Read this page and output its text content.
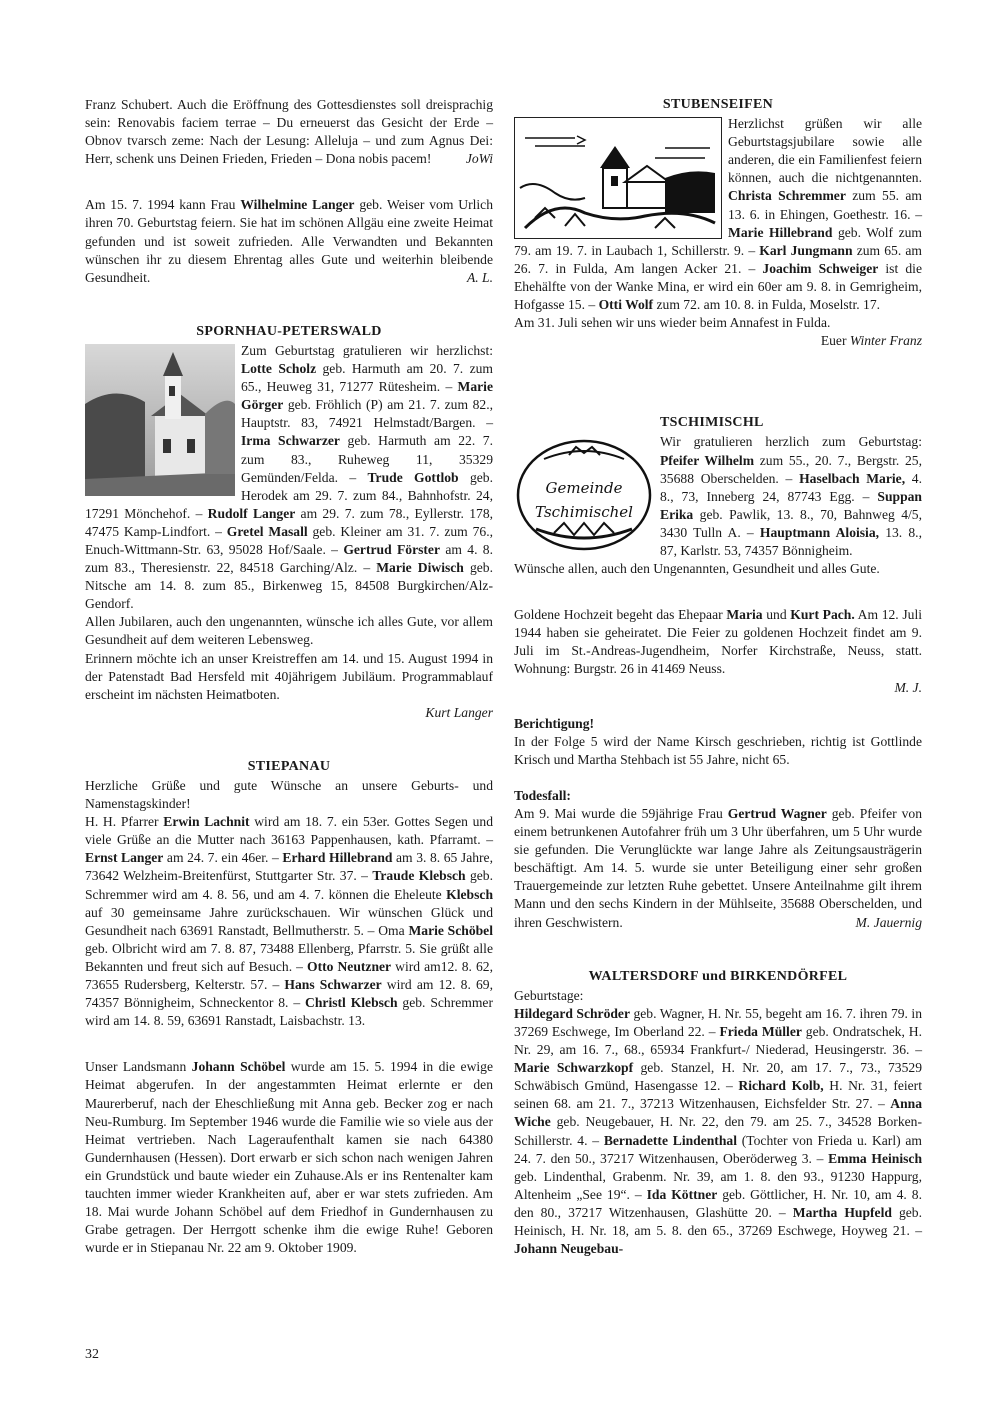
Franz Schubert. Auch die Eröffnung des Gottesdienstes soll dreisprachig sein: Renovabis faciem terrae – Du erneuerst das Gesicht der Erde – Obnov tvarsch zeme: Nach der Lesung: Alleluja – und zum Agnus Dei: Herr, schenk uns Deinen Frieden, Frieden – Dona nobis pacem!	JoWi

Am 15. 7. 1994 kann Frau Wilhelmine Langer geb. Weiser vom Urlich ihren 70. Geburtstag feiern. Sie hat im schönen Allgäu eine zweite Heimat gefunden und ist soweit zufrieden. Alle Verwandten und Bekannten wünschen ihr zu diesem Ehrentag alles Gute und weiterhin bleibende Gesundheit.	A. L.

SPORNHAU-PETERSWALD

Zum Geburtstag gratulieren wir herzlichst: Lotte Scholz geb. Harmuth am 20. 7. zum 65., Heuweg 31, 71277 Rütesheim. – Marie Görger geb. Fröhlich (P) am 21. 7. zum 82., Hauptstr. 83, 74921 Helmstadt/Bargen. – Irma Schwarzer geb. Harmuth am 22. 7. zum 83., Ruheweg 11, 35329 Gemünden/Felda. – Trude Gottlob geb. Herodek am 29. 7. zum 84., Bahnhofstr. 24, 17291 Mönchehof. – Rudolf Langer am 29. 7. zum 78., Eyllerstr. 178, 47475 Kamp-Lindfort. – Gretel Masall geb. Kleiner am 31. 7. zum 76., Enuch-Wittmann-Str. 63, 95028 Hof/Saale. – Gertrud Förster am 4. 8. zum 83., Theresienstr. 22, 84518 Garching/Alz. – Marie Diwisch geb. Nitsche am 14. 8. zum 85., Birkenweg 15, 84508 Burgkirchen/Alz-Gendorf.

Allen Jubilaren, auch den ungenannten, wünsche ich alles Gute, vor allem Gesundheit auf dem weiteren Lebensweg.

Erinnern möchte ich an unser Kreistreffen am 14. und 15. August 1994 in der Patenstadt Bad Hersfeld mit 40jährigem Jubiläum. Programmablauf erscheint im nächsten Heimatboten.

Kurt Langer

STIEPANAU

Herzliche Grüße und gute Wünsche an unsere Geburts- und Namenstagskinder!

H. H. Pfarrer Erwin Lachnit wird am 18. 7. ein 53er. Gottes Segen und viele Grüße an die Mutter nach 36163 Pappenhausen, kath. Pfarramt. – Ernst Langer am 24. 7. ein 46er. – Erhard Hillebrand am 3. 8. 65 Jahre, 73642 Welzheim-Breitenfürst, Stuttgarter Str. 37. – Traude Klebsch geb. Schremmer wird am 4. 8. 56, und am 4. 7. können die Eheleute Klebsch auf 30 gemeinsame Jahre zurückschauen. Wir wünschen Glück und Gesundheit nach 63691 Ranstadt, Bellmutherstr. 5. – Oma Marie Schöbel geb. Olbricht wird am 7. 8. 87, 73488 Ellenberg, Pfarrstr. 5. Sie grüßt alle Bekannten und freut sich auf Besuch. – Otto Neutzner wird am12. 8. 62, 73655 Rudersberg, Kelterstr. 57. – Hans Schwarzer wird am 12. 8. 69, 74357 Bönnigheim, Schneckentor 8. – Christl Klebsch geb. Schremmer wird am 14. 8. 59, 63691 Ranstadt, Laisbachstr. 13.

Unser Landsmann Johann Schöbel wurde am 15. 5. 1994 in die ewige Heimat abgerufen. In der angestammten Heimat erlernte er den Maurerberuf, nach der Eheschließung mit Anna geb. Becker zog er nach Neu-Rumburg. Im September 1946 wurde die Familie wie so viele aus der Heimat vertrieben. Nach Lageraufenthalt kamen sie nach 64380 Gundernhausen (Hessen). Dort erwarb er sich schon nach wenigen Jahren ein Grundstück und baute wieder ein Zuhause.Als er ins Rentenalter kam tauchten immer wieder Krankheiten auf, aber er war stets zufrieden. Am 18. Mai wurde Johann Schöbel auf dem Friedhof in Gundernhausen zu Grabe getragen. Der Herrgott schenke ihm die ewige Ruhe! Geboren wurde er in Stiepanau Nr. 22 am 9. Oktober 1909.

STUBENSEIFEN

Herzlichst grüßen wir alle Geburtstagsjubilare sowie alle anderen, die ein Familienfest feiern können, auch die nichtgenannten. Christa Schremmer zum 55. am 13. 6. in Ehingen, Goethestr. 16. – Marie Hillebrand geb. Wolf zum 79. am 19. 7. in Laubach 1, Schillerstr. 9. – Karl Jungmann zum 65. am 26. 7. in Fulda, Am langen Acker 21. – Joachim Schweiger ist die Ehehälfte von der Wanke Mina, er wird ein 60er am 9. 8. in Gemrigheim, Hofgasse 15. – Otti Wolf zum 72. am 10. 8. in Fulda, Moselstr. 17.

Am 31. Juli sehen wir uns wieder beim Annafest in Fulda.

Euer Winter Franz

TSCHIMISCHL

Gemeinde
Tschimischel
Wir gratulieren herzlich zum Geburtstag: Pfeifer Wilhelm zum 55., 20. 7., Bergstr. 25, 35688 Oberschelden. – Haselbach Marie, 4. 8., 73, Inneberg 24, 87743 Egg. – Suppan Erika geb. Pawlik, 13. 8., 70, Bahnweg 4/5, 3430 Tulln A. – Hauptmann Aloisia, 13. 8., 87, Karlstr. 53, 74357 Bönnigheim.

Wünsche allen, auch den Ungenannten, Gesundheit und alles Gute.

Goldene Hochzeit begeht das Ehepaar Maria und Kurt Pach. Am 12. Juli 1944 haben sie geheiratet. Die Feier zu goldenen Hochzeit findet am 9. Juli im St.-Andreas-Jugendheim, Norfer Kirchstraße, Neuss, statt. Wohnung: Burgstr. 26 in 41469 Neuss.

M. J.

Berichtigung!

In der Folge 5 wird der Name Kirsch geschrieben, richtig ist Gottlinde Krisch und Martha Stehbach ist 55 Jahre, nicht 65.

Todesfall:

Am 9. Mai wurde die 59jährige Frau Gertrud Wagner geb. Pfeifer von einem betrunkenen Autofahrer früh um 3 Uhr überfahren, um 5 Uhr wurde sie gefunden. Die Verunglückte war lange Jahre als Zeitungsausträgerin beschäftigt. Am 14. 5. wurde sie unter Beteiligung einer sehr großen Trauergemeinde zur letzten Ruhe gebettet. Unsere Anteilnahme gilt ihrem Mann und den sechs Kindern in der Mühlseite, 35688 Oberschelden, und ihren Geschwistern.	M. Jauernig

WALTERSDORF und BIRKENDÖRFEL

Geburtstage:

Hildegard Schröder geb. Wagner, H. Nr. 55, begeht am 16. 7. ihren 79. in 37269 Eschwege, Im Oberland 22. – Frieda Müller geb. Ondratschek, H. Nr. 29, am 16. 7., 68., 65934 Frankfurt-/ Niederad, Heusingerstr. 36. – Marie Schwarzkopf geb. Stanzel, H. Nr. 20, am 17. 7., 73., 73529 Schwäbisch Gmünd, Hasengasse 12. – Richard Kolb, H. Nr. 31, feiert seinen 68. am 21. 7., 37213 Witzenhausen, Eichsfelder Str. 27. – Anna Wiche geb. Neugebauer, H. Nr. 22, den 79. am 25. 7., 34528 Borken-Schillerstr. 4. – Bernadette Lindenthal (Tochter von Frieda u. Karl) am 24. 7. den 50., 37217 Witzenhausen, Oberöderweg 3. – Emma Heinisch geb. Lindenthal, Grabenm. Nr. 39, am 1. 8. den 93., 91230 Happurg, Altenheim „See 19“. – Ida Köttner geb. Göttlicher, H. Nr. 10, am 4. 8. den 80., 37217 Witzenhausen, Glashütte 20. – Martha Hupfeld geb. Heinisch, H. Nr. 18, am 5. 8. den 65., 37269 Eschwege, Hoyweg 21. – Johann Neugebau-

32
